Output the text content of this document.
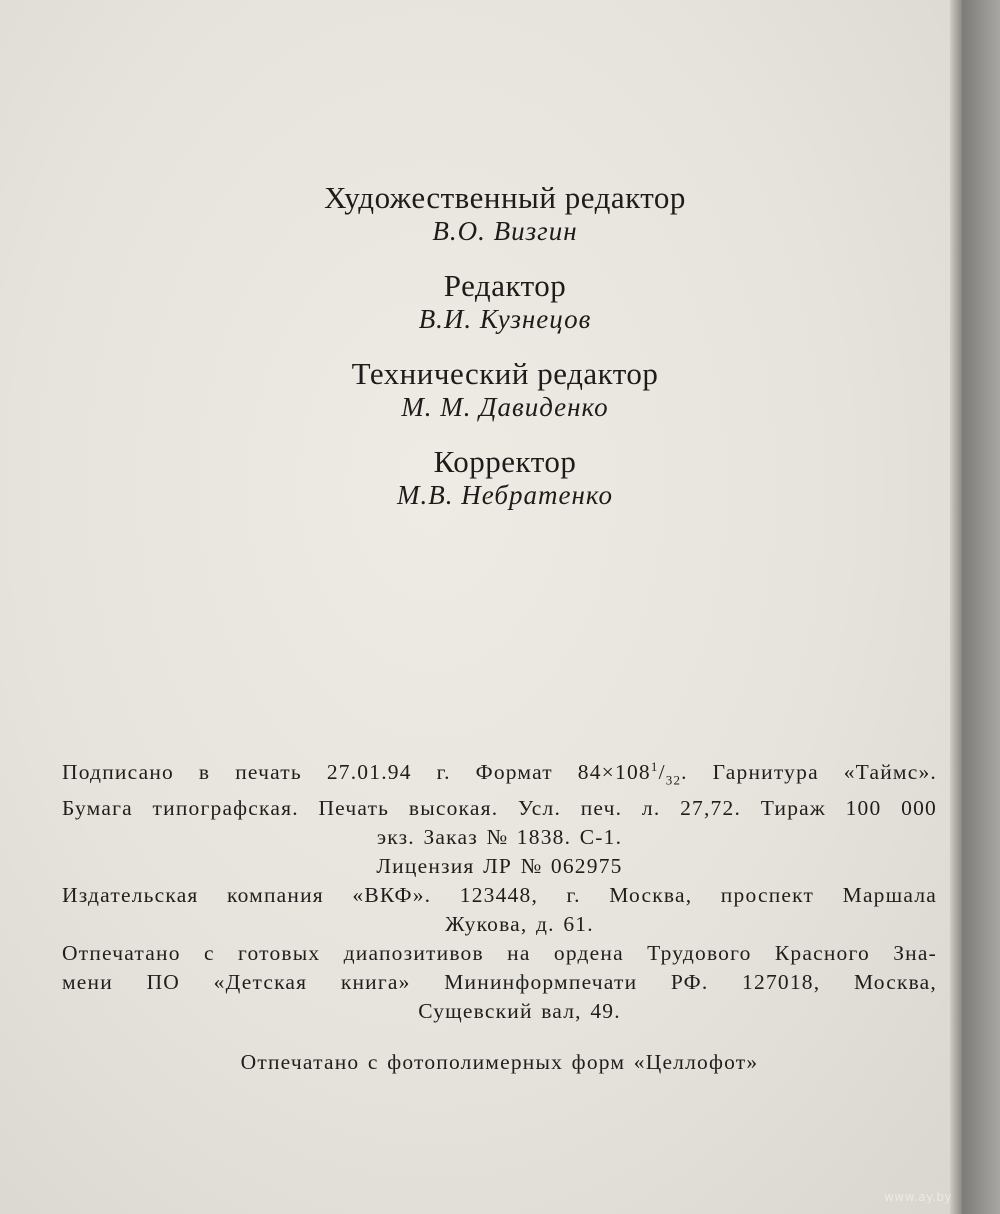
Художественный редактор

В.О. Визгин

Редактор

В.И. Кузнецов

Технический редактор

М. М. Давиденко

Корректор

М.В. Небратенко

Подписано в печать 27.01.94 г. Формат $84\times 108^1/_{32}$. Гарнитура «Таймс».

Бумага типографская. Печать высокая. Усл. печ. л. 27,72. Тираж 100 000

экз. Заказ № 1838. С-1.

Лицензия ЛР № 062975

Издательская компания «ВКФ». 123448, г. Москва, проспект Маршала

Жукова, д. 61.

Отпечатано с готовых диапозитивов на ордена Трудового Красного Зна-

мени ПО «Детская книга» Мининформпечати РФ. 127018, Москва,

Сущевский вал, 49.

Отпечатано с фотополимерных форм «Целлофот»

www.ay.by
